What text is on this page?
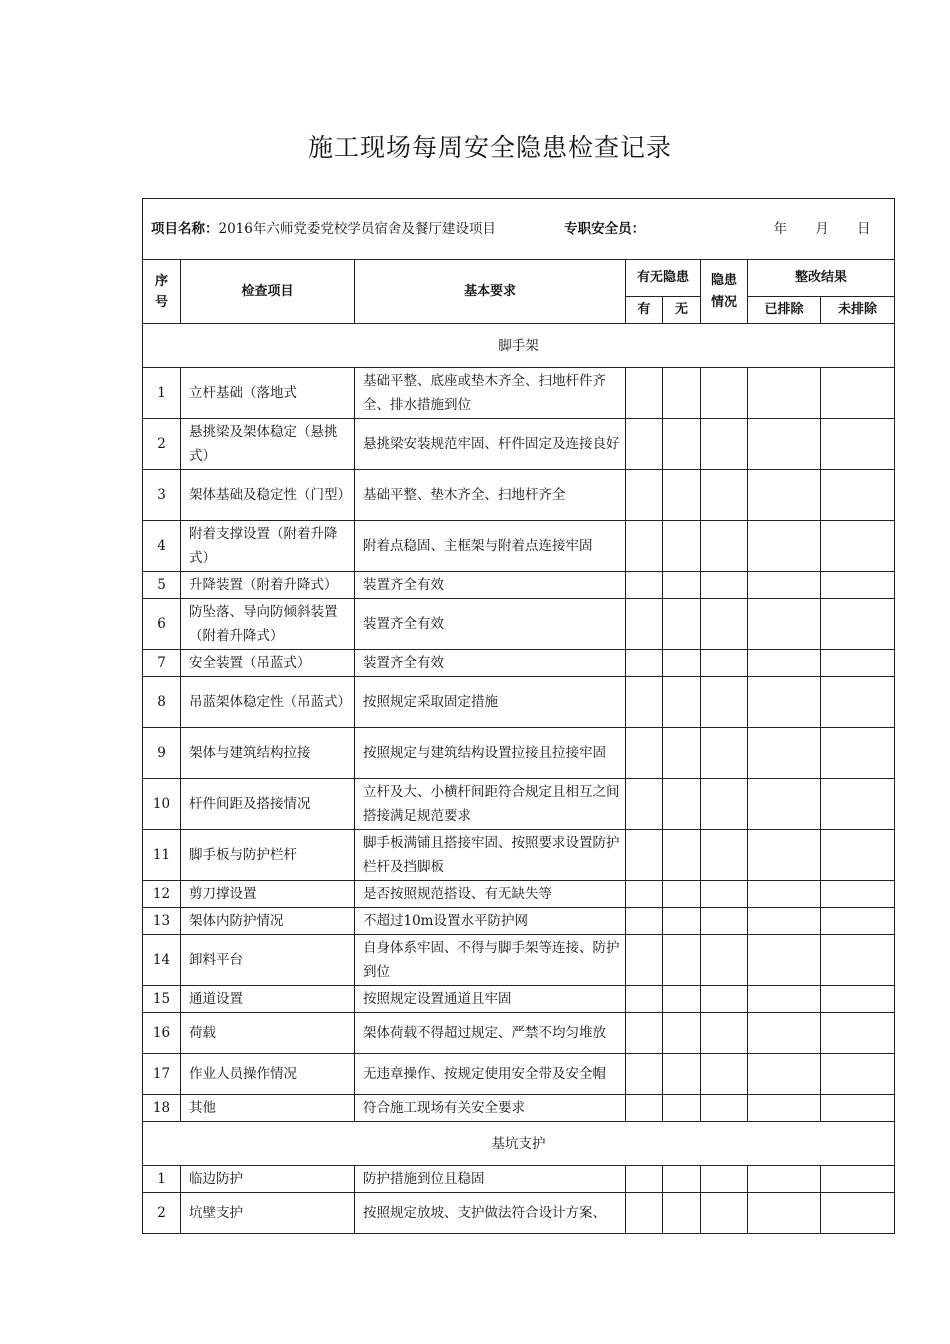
施工现场每周安全隐患检查记录
项目名称：2016年六师党委党校学员宿舍及餐厅建设项目 专职安全员： 年 月 日							
序号	检查项目	基本要求	有无隐患		隐患情况	整改结果	
			有	无		已排除	未排除
脚手架							
1	立杆基础（落地式	基础平整、底座或垫木齐全、扫地杆件齐全、排水措施到位					
2	悬挑梁及架体稳定（悬挑式）	悬挑梁安装规范牢固、杆件固定及连接良好					
3	架体基础及稳定性（门型）	基础平整、垫木齐全、扫地杆齐全					
4	附着支撑设置（附着升降式）	附着点稳固、主框架与附着点连接牢固					
5	升降装置（附着升降式）	装置齐全有效					
6	防坠落、导向防倾斜装置（附着升降式）	装置齐全有效					
7	安全装置（吊蓝式）	装置齐全有效					
8	吊蓝架体稳定性（吊蓝式）	按照规定采取固定措施					
9	架体与建筑结构拉接	按照规定与建筑结构设置拉接且拉接牢固					
10	杆件间距及搭接情况	立杆及大、小横杆间距符合规定且相互之间搭接满足规范要求					
11	脚手板与防护栏杆	脚手板满铺且搭接牢固、按照要求设置防护栏杆及挡脚板					
12	剪刀撑设置	是否按照规范搭设、有无缺失等					
13	架体内防护情况	不超过10m设置水平防护网					
14	卸料平台	自身体系牢固、不得与脚手架等连接、防护到位					
15	通道设置	按照规定设置通道且牢固					
16	荷载	架体荷载不得超过规定、严禁不均匀堆放					
17	作业人员操作情况	无违章操作、按规定使用安全带及安全帽					
18	其他	符合施工现场有关安全要求					
基坑支护							
1	临边防护	防护措施到位且稳固					
2	坑壁支护	按照规定放坡、支护做法符合设计方案、					
